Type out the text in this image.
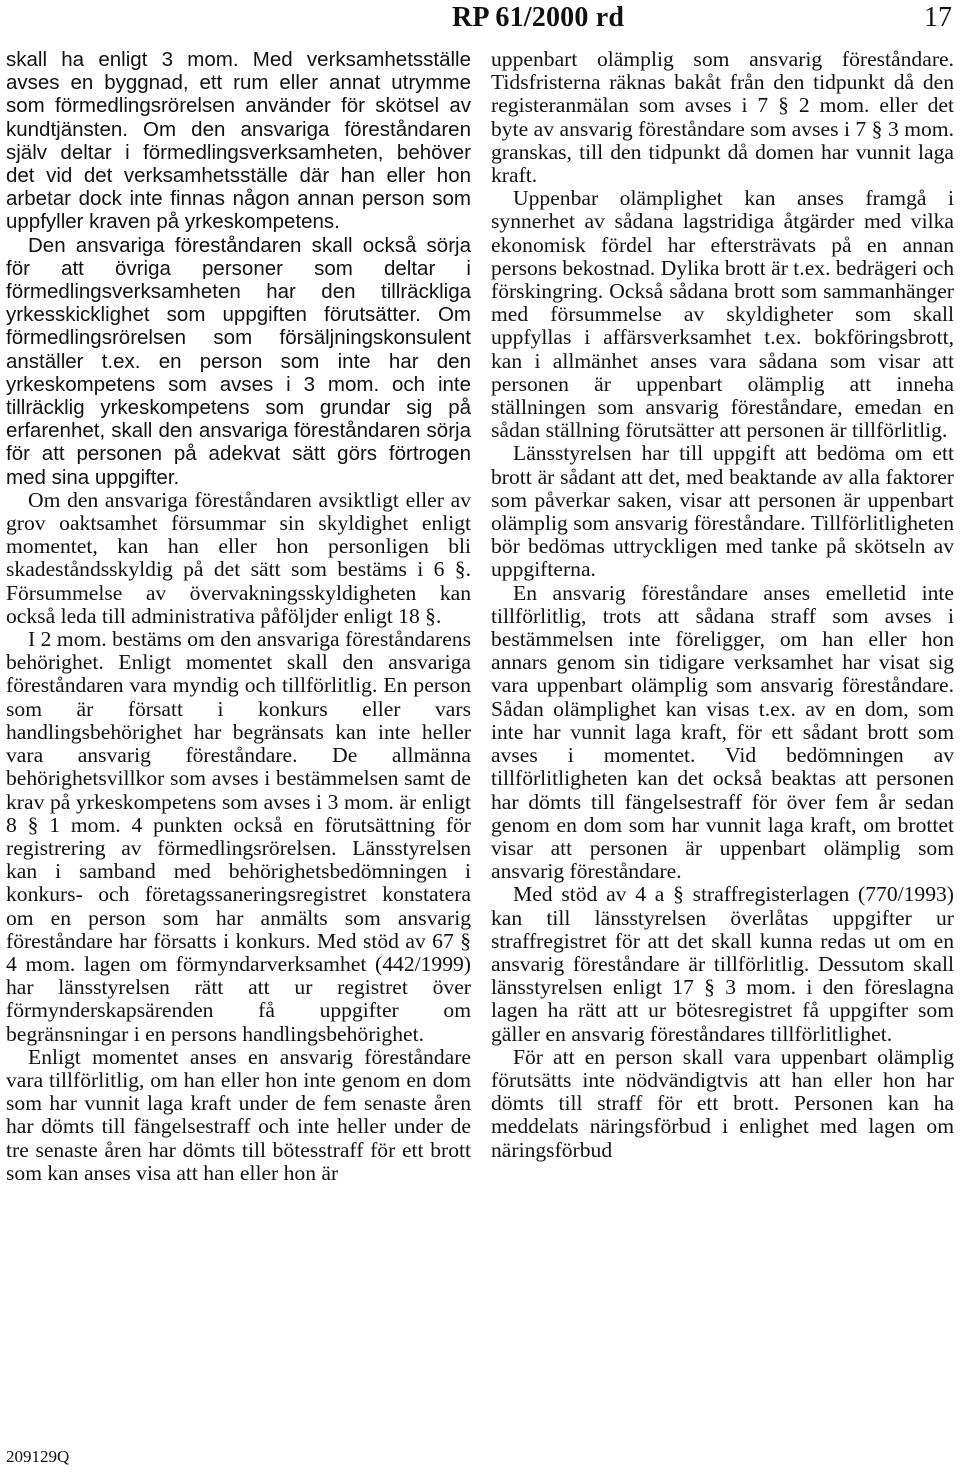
RP 61/2000 rd	17

skall ha enligt 3 mom. Med verksamhetsställe avses en byggnad, ett rum eller annat utrymme som förmedlingsrörelsen använder för skötsel av kundtjänsten. Om den ansvariga föreståndaren själv deltar i förmedlingsverksamheten, behöver det vid det verksamhetsställe där han eller hon arbetar dock inte finnas någon annan person som uppfyller kraven på yrkeskompetens.

Den ansvariga föreståndaren skall också sörja för att övriga personer som deltar i förmedlingsverksamheten har den tillräckliga yrkesskicklighet som uppgiften förutsätter. Om förmedlingsrörelsen som försäljningskonsulent anställer t.ex. en person som inte har den yrkeskompetens som avses i 3 mom. och inte tillräcklig yrkeskompetens som grundar sig på erfarenhet, skall den ansvariga föreståndaren sörja för att personen på adekvat sätt görs förtrogen med sina uppgifter.

Om den ansvariga föreståndaren avsiktligt eller av grov oaktsamhet försummar sin skyldighet enligt momentet, kan han eller hon personligen bli skadeståndsskyldig på det sätt som bestäms i 6 §. Försummelse av övervakningsskyldigheten kan också leda till administrativa påföljder enligt 18 §.

I 2 mom. bestäms om den ansvariga föreståndarens behörighet. Enligt momentet skall den ansvariga föreståndaren vara myndig och tillförlitlig. En person som är försatt i konkurs eller vars handlingsbehörighet har begränsats kan inte heller vara ansvarig föreståndare. De allmänna behörighetsvillkor som avses i bestämmelsen samt de krav på yrkeskompetens som avses i 3 mom. är enligt 8 § 1 mom. 4 punkten också en förutsättning för registrering av förmedlingsrörelsen. Länsstyrelsen kan i samband med behörighetsbedömningen i konkurs- och företagssaneringsregistret konstatera om en person som har anmälts som ansvarig föreståndare har försatts i konkurs. Med stöd av 67 § 4 mom. lagen om förmyndarverksamhet (442/1999) har länsstyrelsen rätt att ur registret över förmynderskapsärenden få uppgifter om begränsningar i en persons handlingsbehörighet.

Enligt momentet anses en ansvarig föreståndare vara tillförlitlig, om han eller hon inte genom en dom som har vunnit laga kraft under de fem senaste åren har dömts till fängelsestraff och inte heller under de tre senaste åren har dömts till bötesstraff för ett brott som kan anses visa att han eller hon är

uppenbart olämplig som ansvarig föreståndare. Tidsfristerna räknas bakåt från den tidpunkt då den registeranmälan som avses i 7 § 2 mom. eller det byte av ansvarig föreståndare som avses i 7 § 3 mom. granskas, till den tidpunkt då domen har vunnit laga kraft.

Uppenbar olämplighet kan anses framgå i synnerhet av sådana lagstridiga åtgärder med vilka ekonomisk fördel har eftersträvats på en annan persons bekostnad. Dylika brott är t.ex. bedrägeri och förskingring. Också sådana brott som sammanhänger med försummelse av skyldigheter som skall uppfyllas i affärsverksamhet t.ex. bokföringsbrott, kan i allmänhet anses vara sådana som visar att personen är uppenbart olämplig att inneha ställningen som ansvarig föreståndare, emedan en sådan ställning förutsätter att personen är tillförlitlig.

Länsstyrelsen har till uppgift att bedöma om ett brott är sådant att det, med beaktande av alla faktorer som påverkar saken, visar att personen är uppenbart olämplig som ansvarig föreståndare. Tillförlitligheten bör bedömas uttryckligen med tanke på skötseln av uppgifterna.

En ansvarig föreståndare anses emelletid inte tillförlitlig, trots att sådana straff som avses i bestämmelsen inte föreligger, om han eller hon annars genom sin tidigare verksamhet har visat sig vara uppenbart olämplig som ansvarig föreståndare. Sådan olämplighet kan visas t.ex. av en dom, som inte har vunnit laga kraft, för ett sådant brott som avses i momentet. Vid bedömningen av tillförlitligheten kan det också beaktas att personen har dömts till fängelsestraff för över fem år sedan genom en dom som har vunnit laga kraft, om brottet visar att personen är uppenbart olämplig som ansvarig föreståndare.

Med stöd av 4 a § straffregisterlagen (770/1993) kan till länsstyrelsen överlåtas uppgifter ur straffregistret för att det skall kunna redas ut om en ansvarig föreståndare är tillförlitlig. Dessutom skall länsstyrelsen enligt 17 § 3 mom. i den föreslagna lagen ha rätt att ur bötesregistret få uppgifter som gäller en ansvarig föreståndares tillförlitlighet.

För att en person skall vara uppenbart olämplig förutsätts inte nödvändigtvis att han eller hon har dömts till straff för ett brott. Personen kan ha meddelats näringsförbud i enlighet med lagen om näringsförbud

209129Q
